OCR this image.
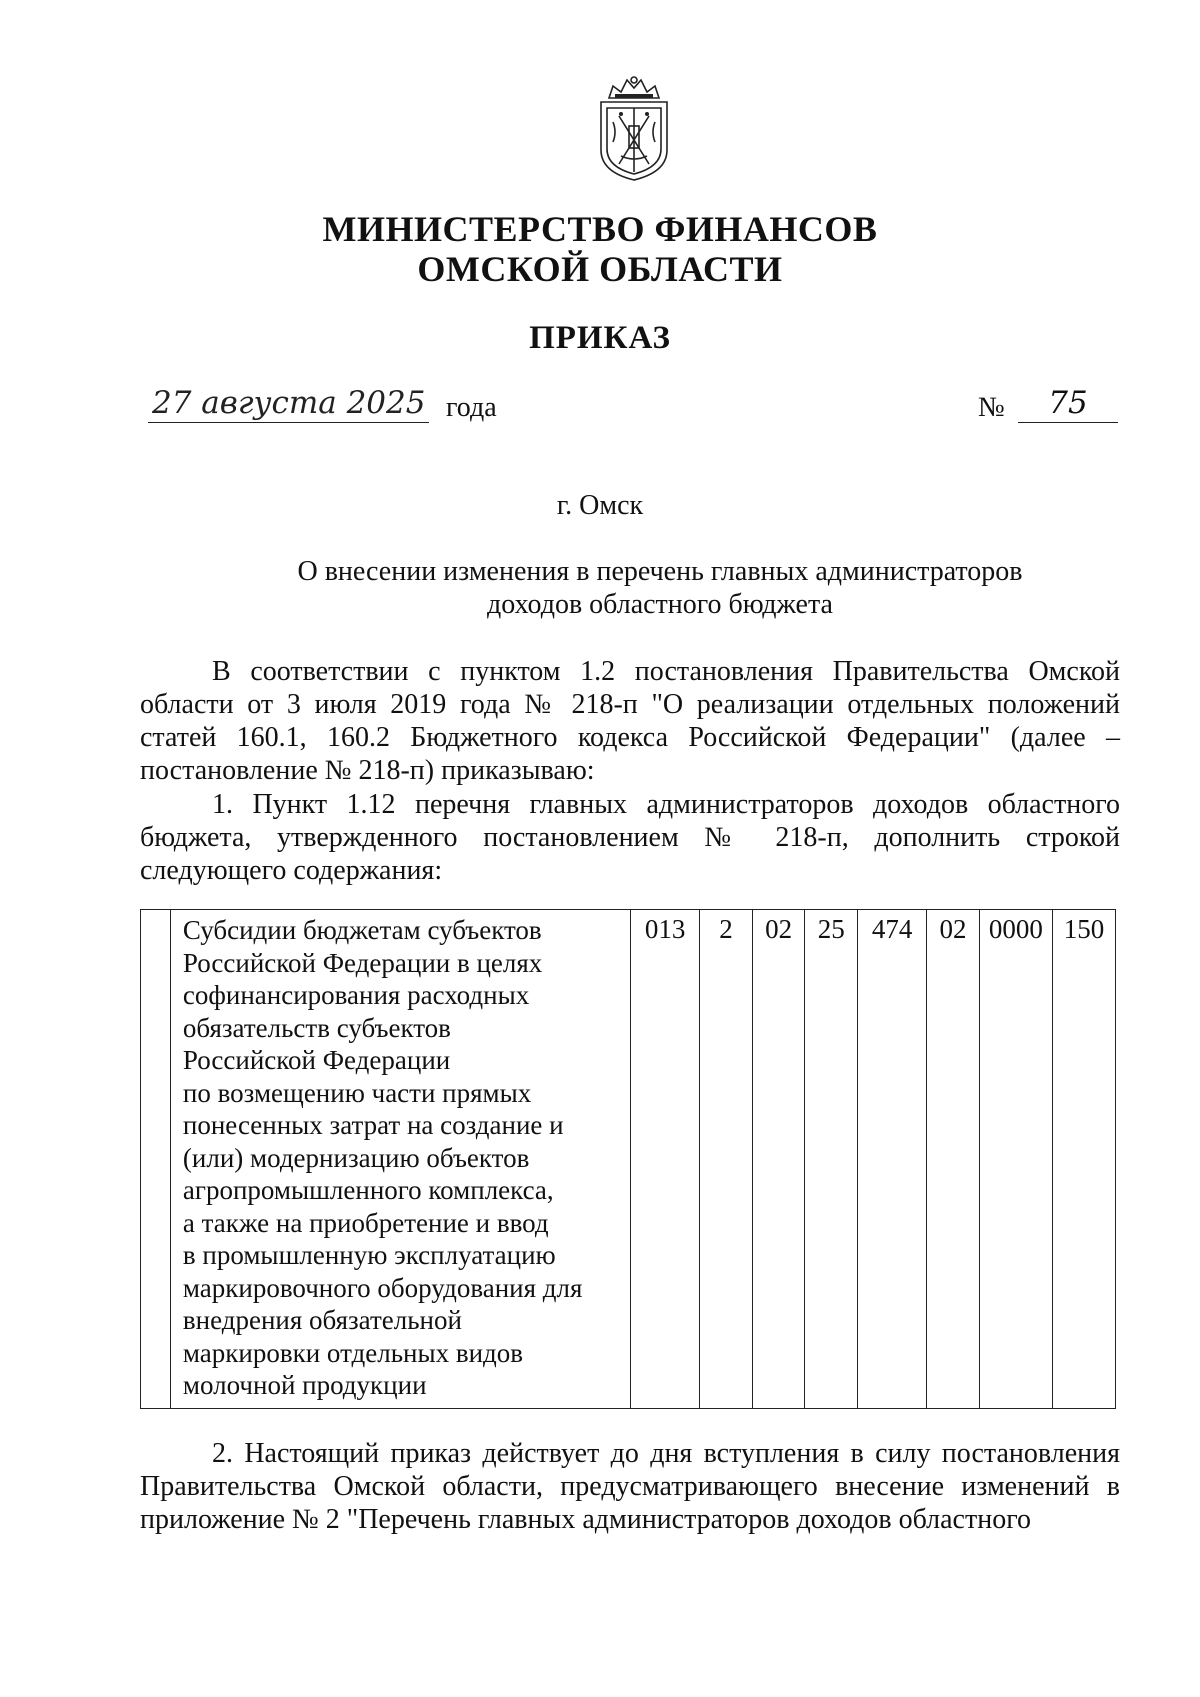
МИНИСТЕРСТВО ФИНАНСОВ
ОМСКОЙ ОБЛАСТИ
ПРИКАЗ
27 августа 2025 года	№	75
г. Омск
О внесении изменения в перечень главных администраторов
доходов областного бюджета

В соответствии с пунктом 1.2 постановления Правительства Омской области от 3 июля 2019 года № 218-п "О реализации отдельных положений статей 160.1, 160.2 Бюджетного кодекса Российской Федерации" (далее – постановление № 218-п) приказываю:

1. Пункт 1.12 перечня главных администраторов доходов областного бюджета, утвержденного постановлением № 218-п, дополнить строкой следующего содержания:

Субсидии бюджетам субъектов
Российской Федерации в целях
софинансирования расходных
обязательств субъектов
Российской Федерации
по возмещению части прямых
понесенных затрат на создание и
(или) модернизацию объектов
агропромышленного комплекса,
а также на приобретение и ввод
в промышленную эксплуатацию
маркировочного оборудования для
внедрения обязательной
маркировки отдельных видов
молочной продукции
	013	2	02	25	474	02	0000	150

2. Настоящий приказ действует до дня вступления в силу постановления Правительства Омской области, предусматривающего внесение изменений в приложение № 2 "Перечень главных администраторов доходов областного
